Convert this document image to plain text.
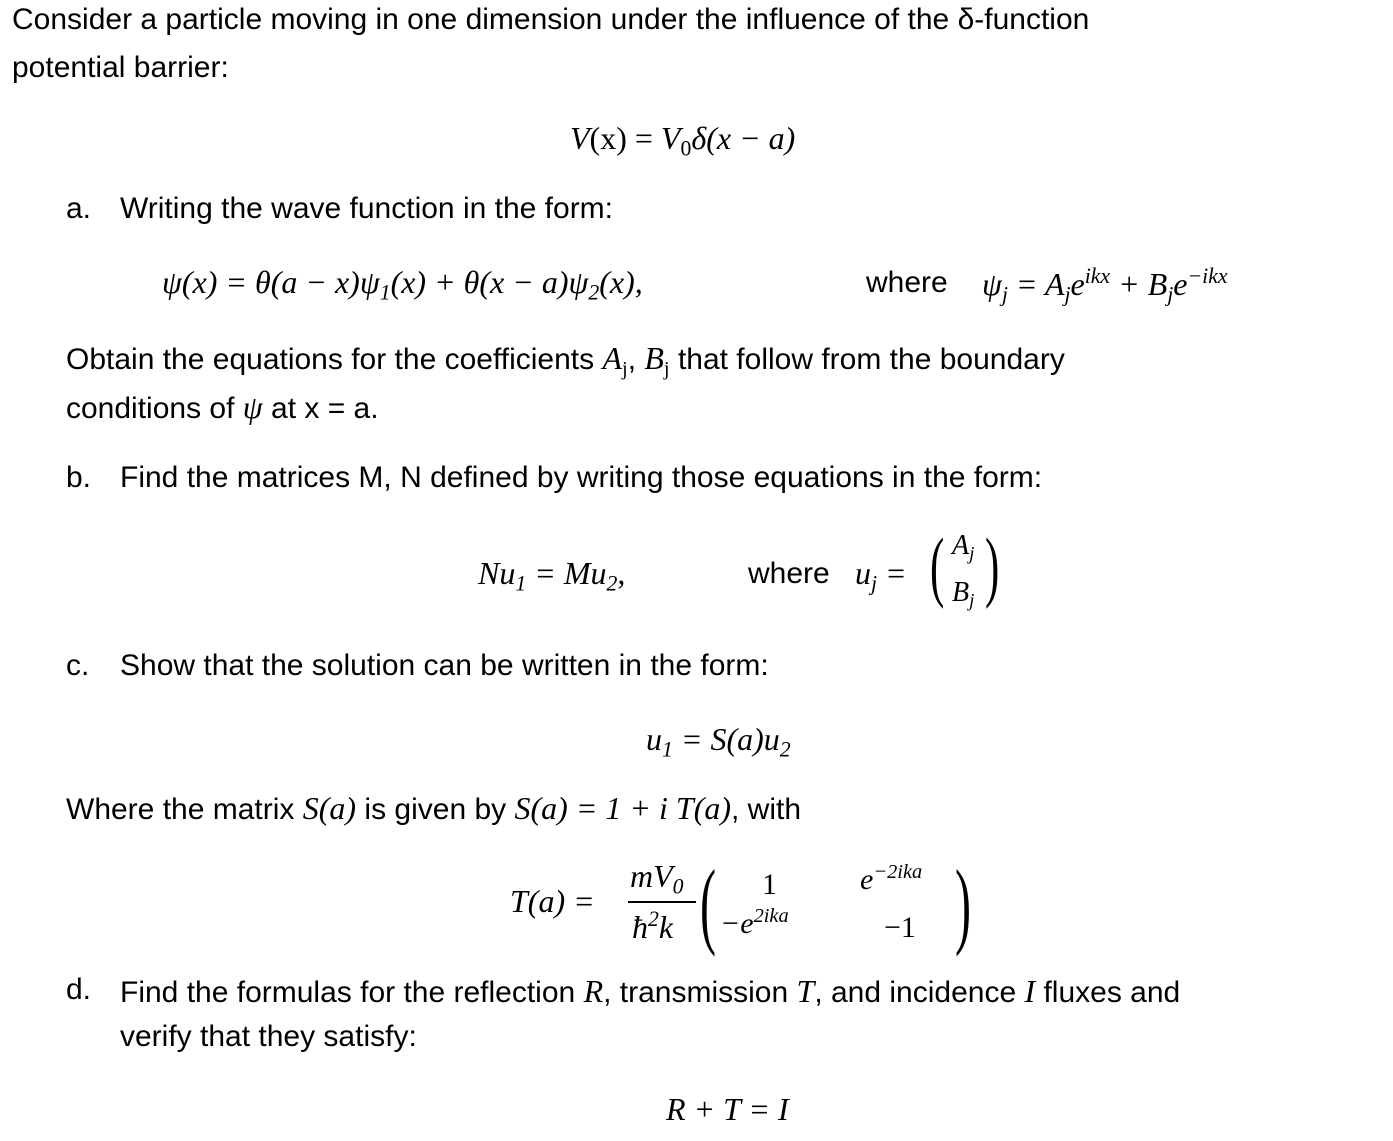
Consider a particle moving in one dimension under the influence of the δ-function
potential barrier:
$V(x) = V_0\delta(x - a)$
a. Writing the wave function in the form:
$\psi(x) = \theta(a - x)\psi_1(x) + \theta(x - a)\psi_2(x)$,	where $\psi_j = A_je^{ikx} + B_je^{-ikx}$
Obtain the equations for the coefficients $A_j$, $B_j$ that follow from the boundary
conditions of ψ at x = a.
b. Find the matrices M, N defined by writing those equations in the form:
$Nu_1 = Mu_2$,	where $u_j$ = ( )
$A_j$
$B_j$
c. Show that the solution can be written in the form:
$u_1 = S(a)u_2$
Where the matrix S(a) is given by S(a) = 1 + i T(a), with
T(a) =
$mV_0$
$ħ^2k$ ( )
1	$e^{-2ika}$
$-e^{2ika}$	−1
d. Find the formulas for the reflection R, transmission T, and incidence I fluxes and
verify that they satisfy:
R + T = I
